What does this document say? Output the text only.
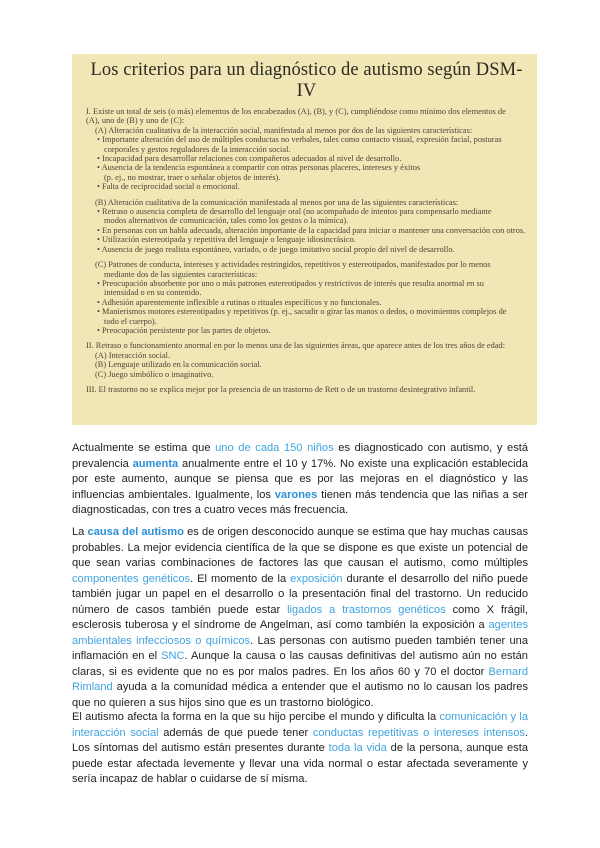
Los criterios para un diagnóstico de autismo según DSM-IV
I. Existe un total de seis (o más) elementos de los encabezados (A), (B), y (C), cumpliéndose como mínimo dos elementos de
(A), uno de (B) y uno de (C):
(A) Alteración cualitativa de la interacción social, manifestada al menos por dos de las siguientes características:
• Importante alteración del uso de múltiples conductas no verbales, tales como contacto visual, expresión facial, posturas
corporales y gestos reguladores de la interacción social.
• Incapacidad para desarrollar relaciones con compañeros adecuados al nivel de desarrollo.
• Ausencia de la tendencia espontánea a compartir con otras personas placeres, intereses y éxitos
(p. ej., no mostrar, traer o señalar objetos de interés).
• Falta de reciprocidad social o emocional.
(B) Alteración cualitativa de la comunicación manifestada al menos por una de las siguientes características:
• Retraso o ausencia completa de desarrollo del lenguaje oral (no acompañado de intentos para compensarlo mediante
modos alternativos de comunicación, tales como los gestos o la mímica).
• En personas con un habla adecuada, alteración importante de la capacidad para iniciar o mantener una conversación con otros.
• Utilización estereotipada y repetitiva del lenguaje o lenguaje idiosincrásico.
• Ausencia de juego realista espontáneo, variado, o de juego imitativo social propio del nivel de desarrollo.
(C) Patrones de conducta, intereses y actividades restringidos, repetitivos y estereotipados, manifestados por lo menos
mediante dos de las siguientes características:
• Preocupación absorbente por uno o más patrones estereotipados y restrictivos de interés que resulta anormal en su
intensidad o en su contenido.
• Adhesión aparentemente inflexible a rutinas o rituales específicos y no funcionales.
• Manierismos motores estereotipados y repetitivos (p. ej., sacudir o girar las manos o dedos, o movimientos complejos de
todo el cuerpo).
• Preocupación persistente por las partes de objetos.
II. Retraso o funcionamiento anormal en por lo menos una de las siguientes áreas, que aparece antes de los tres años de edad:
(A) Interacción social.
(B) Lenguaje utilizado en la comunicación social.
(C) Juego simbólico o imaginativo.
III. El trastorno no se explica mejor por la presencia de un trastorno de Rett o de un trastorno desintegrativo infantil.
Actualmente se estima que uno de cada 150 niños es diagnosticado con autismo, y está prevalencia aumenta anualmente entre el 10 y 17%. No existe una explicación establecida por este aumento, aunque se piensa que es por las mejoras en el diagnóstico y las influencias ambientales. Igualmente, los varones tienen más tendencia que las niñas a ser diagnosticadas, con tres a cuatro veces más frecuencia.
La causa del autismo es de origen desconocido aunque se estima que hay muchas causas probables. La mejor evidencia científica de la que se dispone es que existe un potencial de que sean varias combinaciones de factores las que causan el autismo, como múltiples componentes genéticos. El momento de la exposición durante el desarrollo del niño puede también jugar un papel en el desarrollo o la presentación final del trastorno. Un reducido número de casos también puede estar ligados a trastornos genéticos como X frágil, esclerosis tuberosa y el síndrome de Angelman, así como también la exposición a agentes ambientales infecciosos o químicos. Las personas con autismo pueden también tener una inflamación en el SNC. Aunque la causa o las causas definitivas del autismo aún no están claras, si es evidente que no es por malos padres. En los años 60 y 70 el doctor Bernard Rimland ayuda a la comunidad médica a entender que el autismo no lo causan los padres que no quieren a sus hijos sino que es un trastorno biológico.
El autismo afecta la forma en la que su hijo percibe el mundo y dificulta la comunicación y la interacción social además de que puede tener conductas repetitivas o intereses intensos. Los síntomas del autismo están presentes durante toda la vida de la persona, aunque esta puede estar afectada levemente y llevar una vida normal o estar afectada severamente y sería incapaz de hablar o cuidarse de sí misma.
